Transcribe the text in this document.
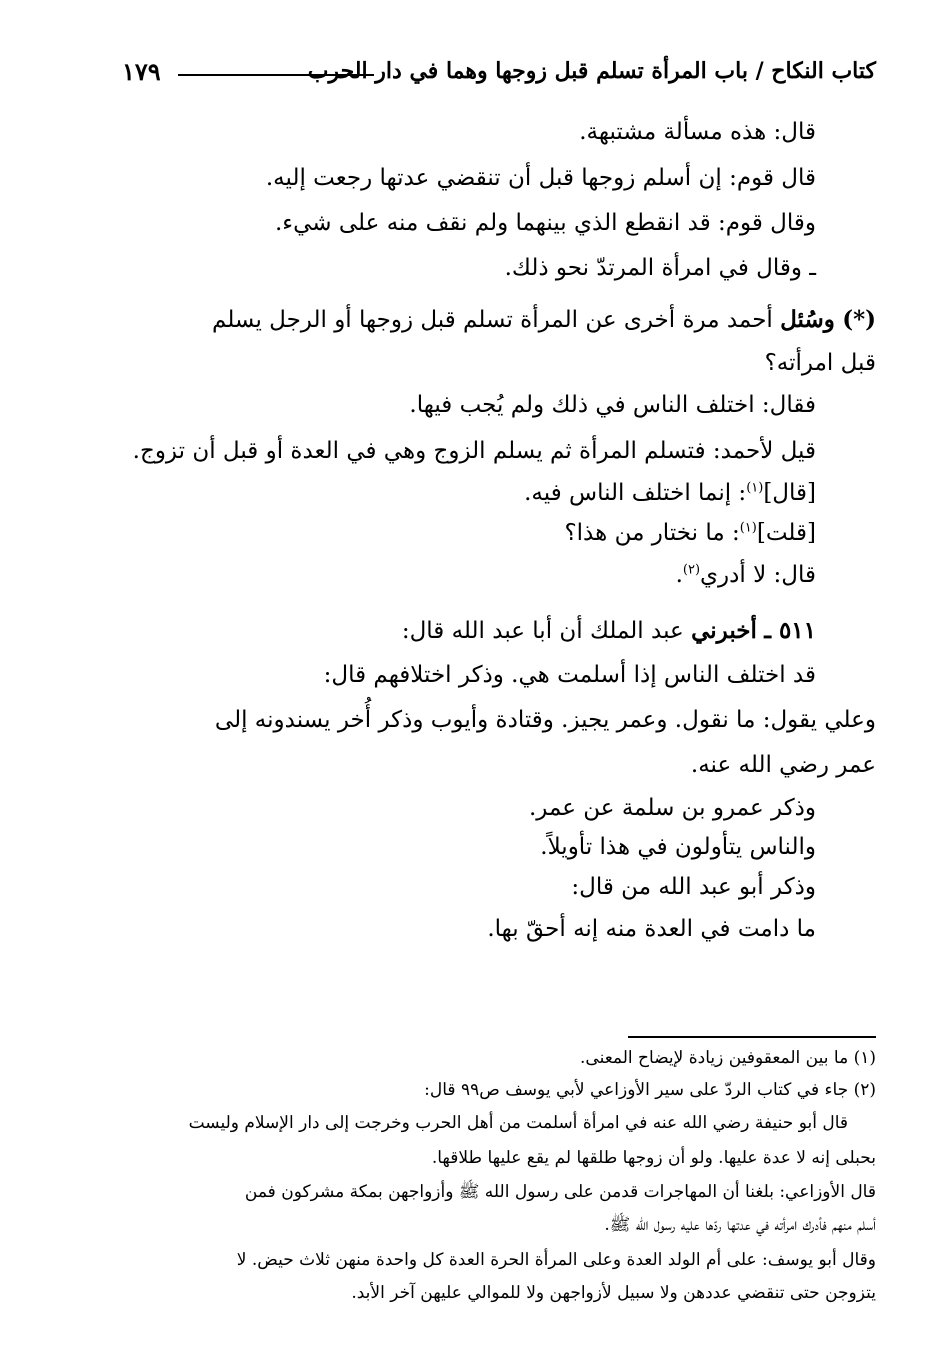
كتاب النكاح / باب المرأة تسلم قبل زوجها وهما في دار الحرب
١٧٩
قال: هذه مسألة مشتبهة.
قال قوم: إن أسلم زوجها قبل أن تنقضي عدتها رجعت إليه.
وقال قوم: قد انقطع الذي بينهما ولم نقف منه على شيء.
ـ وقال في امرأة المرتدّ نحو ذلك.
(*) وسُئل أحمد مرة أخرى عن المرأة تسلم قبل زوجها أو الرجل يسلم
قبل امرأته؟
فقال: اختلف الناس في ذلك ولم يُجب فيها.
قيل لأحمد: فتسلم المرأة ثم يسلم الزوج وهي في العدة أو قبل أن تزوج.
[قال]$^{(١)}$: إنما اختلف الناس فيه.
[قلت]$^{(١)}$: ما نختار من هذا؟
قال: لا أدري$^{(٢)}$.
٥١١ ـ أخبرني عبد الملك أن أبا عبد الله قال:
قد اختلف الناس إذا أسلمت هي. وذكر اختلافهم قال:
وعلي يقول: ما نقول. وعمر يجيز. وقتادة وأيوب وذكر أُخر يسندونه إلى
عمر رضي الله عنه.
وذكر عمرو بن سلمة عن عمر.
والناس يتأولون في هذا تأويلاً.
وذكر أبو عبد الله من قال:
ما دامت في العدة منه إنه أحقّ بها.
(١) ما بين المعقوفين زيادة لإيضاح المعنى.
(٢) جاء في كتاب الردّ على سير الأوزاعي لأبي يوسف ص٩٩ قال:
قال أبو حنيفة رضي الله عنه في امرأة أسلمت من أهل الحرب وخرجت إلى دار الإسلام وليست
بحبلى إنه لا عدة عليها. ولو أن زوجها طلقها لم يقع عليها طلاقها.
قال الأوزاعي: بلغنا أن المهاجرات قدمن على رسول الله ﷺ وأزواجهن بمكة مشركون فمن
أسلم منهم فأدرك امرأته في عدتها ردّها عليه رسول الله ﷺ.
وقال أبو يوسف: على أم الولد العدة وعلى المرأة الحرة العدة كل واحدة منهن ثلاث حيض. لا
يتزوجن حتى تنقضي عددهن ولا سبيل لأزواجهن ولا للموالي عليهن آخر الأبد.
